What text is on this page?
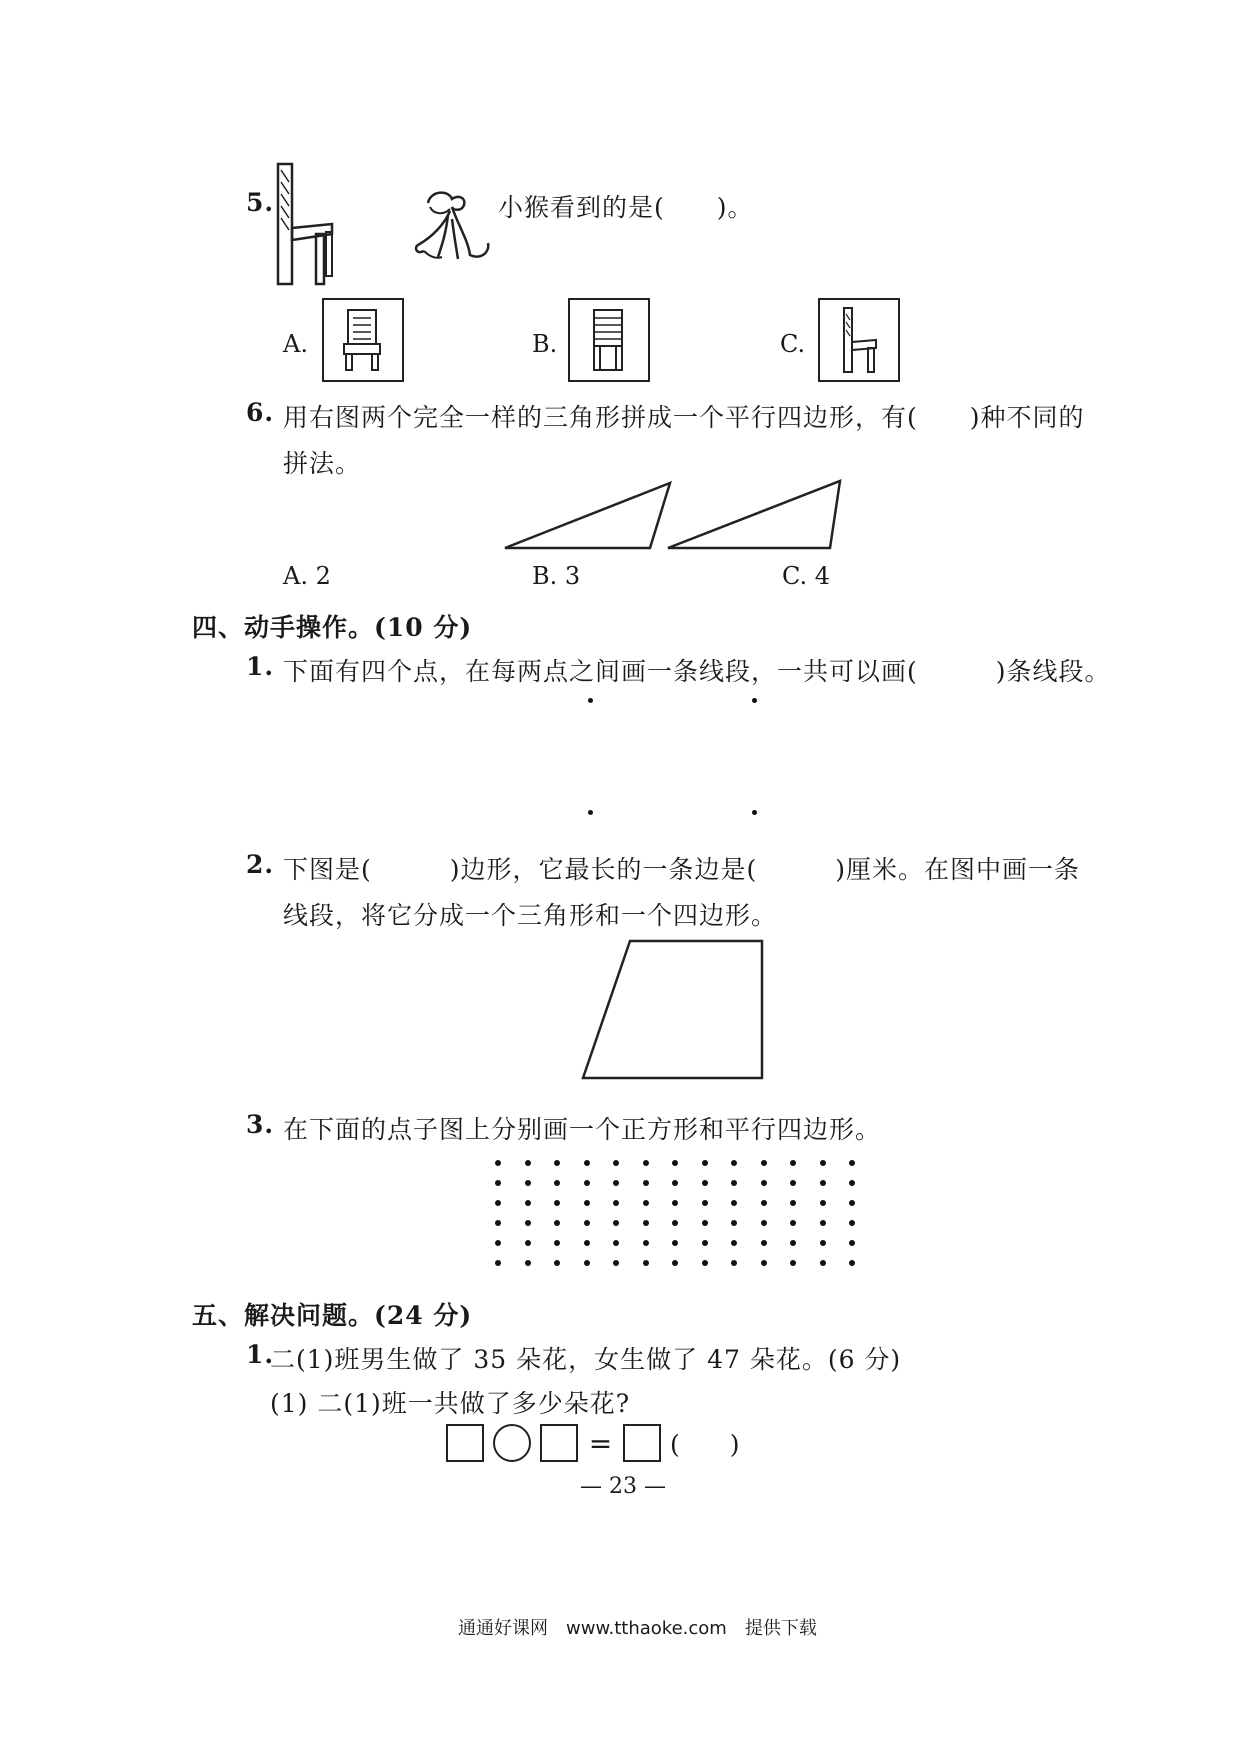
5.	小猴看到的是(　　)。
A.	B.	C.
6. 用右图两个完全一样的三角形拼成一个平行四边形，有(　　)种不同的
拼法。
A. 2	B. 3	C. 4
四、动手操作。(10 分)
1. 下面有四个点，在每两点之间画一条线段，一共可以画(　　　)条线段。
2. 下图是(　　　)边形，它最长的一条边是(　　　)厘米。在图中画一条
线段，将它分成一个三角形和一个四边形。
3. 在下面的点子图上分别画一个正方形和平行四边形。
五、解决问题。(24 分)
1.
二(1)班男生做了 35 朵花，女生做了 47 朵花。(6 分)
(1) 二(1)班一共做了多少朵花?
= (　　)
— 23 —
通通好课网　www.tthaoke.com　提供下载
